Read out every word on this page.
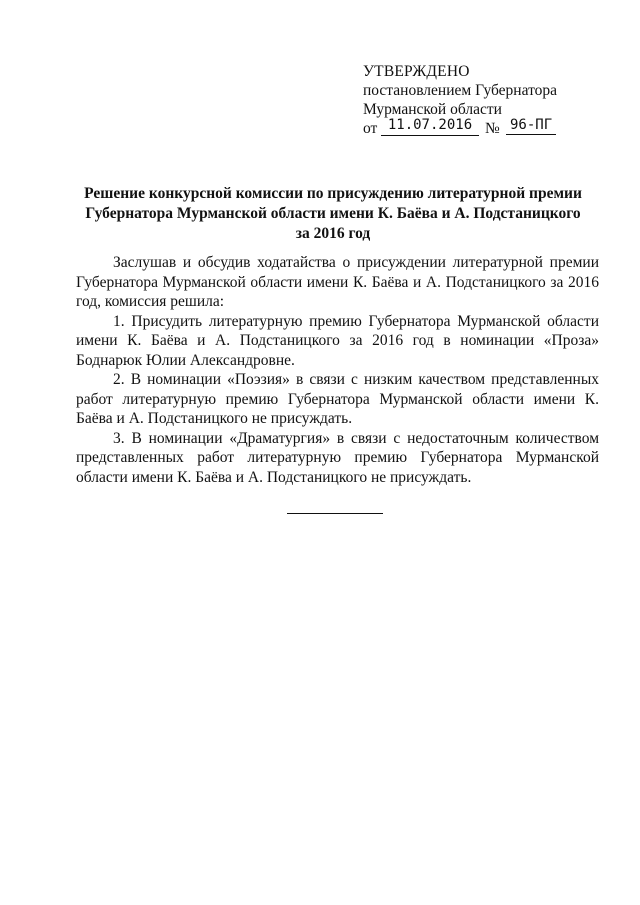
УТВЕРЖДЕНО
постановлением Губернатора
Мурманской области
от 11.07.2016 № 96-ПГ
Решение конкурсной комиссии по присуждению литературной премии
Губернатора Мурманской области имени К. Баёва и А. Подстаницкого
за 2016 год

Заслушав и обсудив ходатайства о присуждении литературной премии Губернатора Мурманской области имени К. Баёва и А. Подстаницкого за 2016 год, комиссия решила:

1. Присудить литературную премию Губернатора Мурманской области имени К. Баёва и А. Подстаницкого за 2016 год в номинации «Проза» Боднарюк Юлии Александровне.

2. В номинации «Поэзия» в связи с низким качеством представленных работ литературную премию Губернатора Мурманской области имени К. Баёва и А. Подстаницкого не присуждать.

3. В номинации «Драматургия» в связи с недостаточным количеством представленных работ литературную премию Губернатора Мурманской области имени К. Баёва и А. Подстаницкого не присуждать.
